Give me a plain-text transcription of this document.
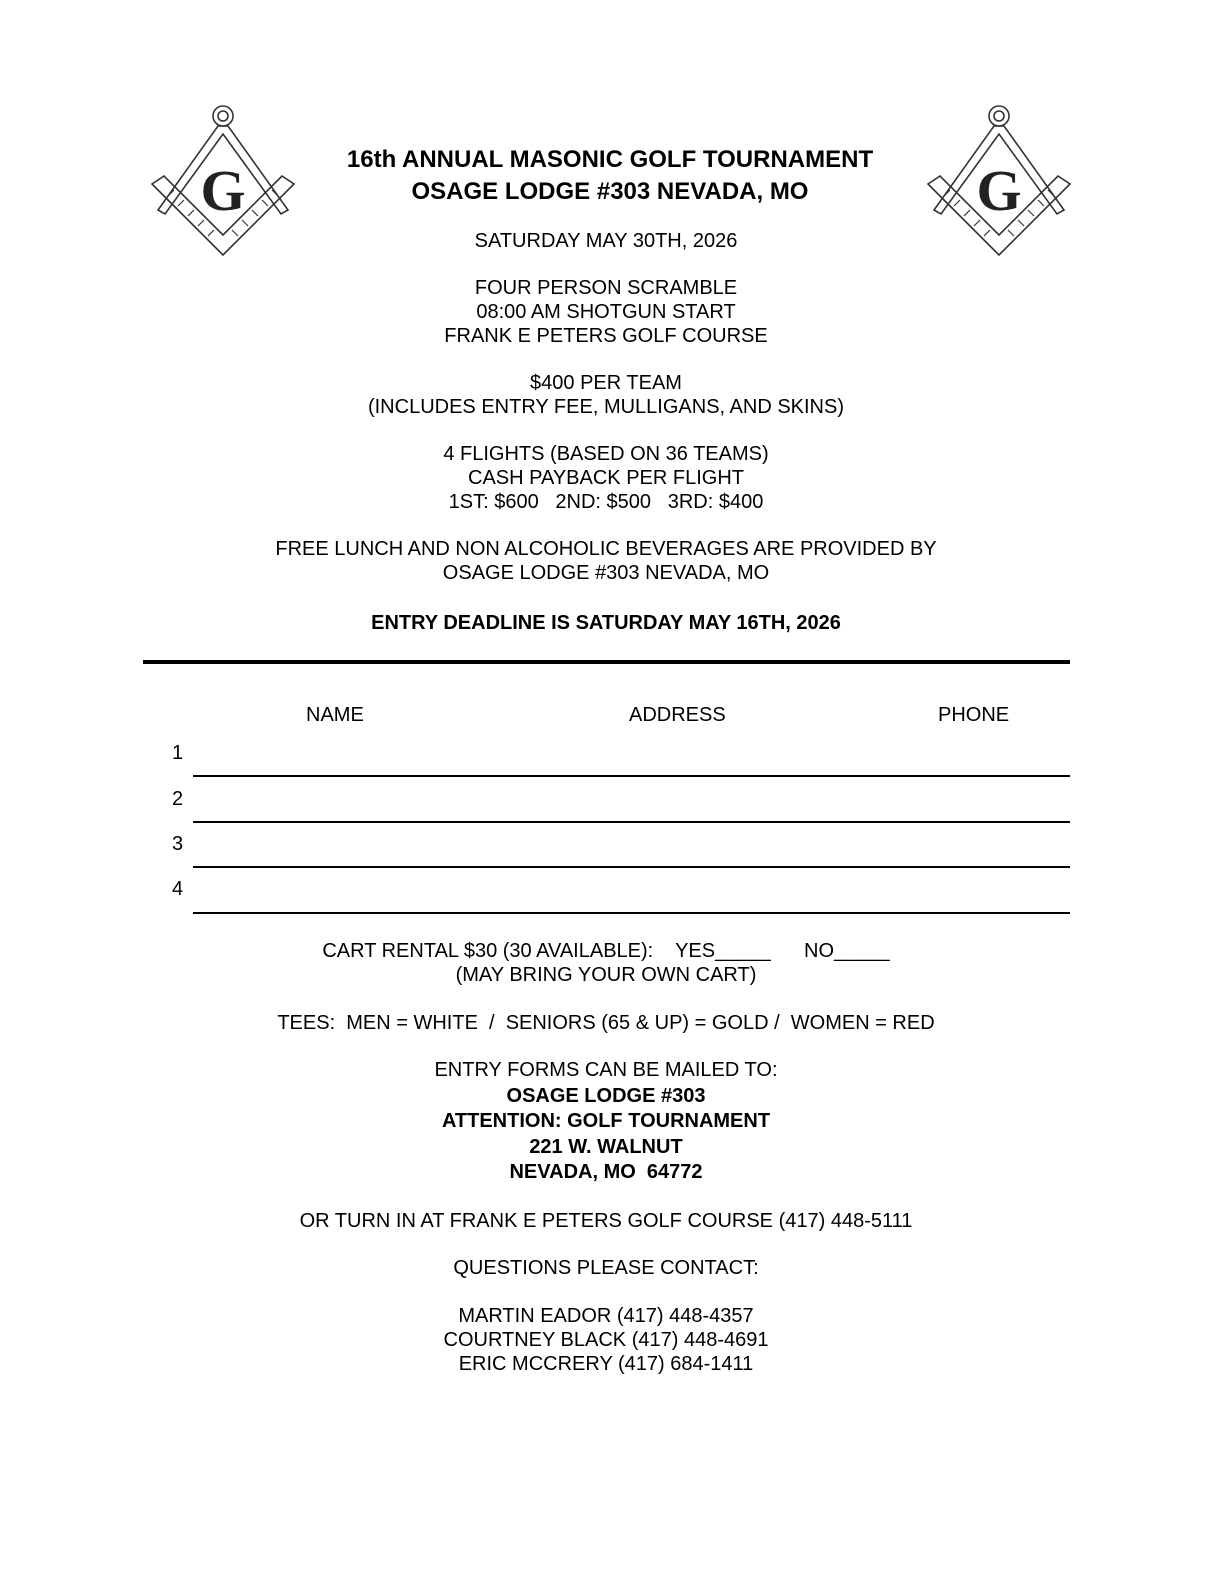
G	G
16th ANNUAL MASONIC GOLF TOURNAMENT
OSAGE LODGE #303 NEVADA, MO
SATURDAY MAY 30TH, 2026
FOUR PERSON SCRAMBLE
08:00 AM SHOTGUN START
FRANK E PETERS GOLF COURSE
$400 PER TEAM
(INCLUDES ENTRY FEE, MULLIGANS, AND SKINS)
4 FLIGHTS (BASED ON 36 TEAMS)
CASH PAYBACK PER FLIGHT
1ST: $600   2ND: $500   3RD: $400
FREE LUNCH AND NON ALCOHOLIC BEVERAGES ARE PROVIDED BY
OSAGE LODGE #303 NEVADA, MO
ENTRY DEADLINE IS SATURDAY MAY 16TH, 2026
NAME	ADDRESS	PHONE
1
2
3
4
CART RENTAL $30 (30 AVAILABLE):    YES_____      NO_____
(MAY BRING YOUR OWN CART)
TEES:  MEN = WHITE  /  SENIORS (65 & UP) = GOLD /  WOMEN = RED
ENTRY FORMS CAN BE MAILED TO:
OSAGE LODGE #303
ATTENTION: GOLF TOURNAMENT
221 W. WALNUT
NEVADA, MO  64772
OR TURN IN AT FRANK E PETERS GOLF COURSE (417) 448-5111
QUESTIONS PLEASE CONTACT:
MARTIN EADOR (417) 448-4357
COURTNEY BLACK (417) 448-4691
ERIC MCCRERY (417) 684-1411
